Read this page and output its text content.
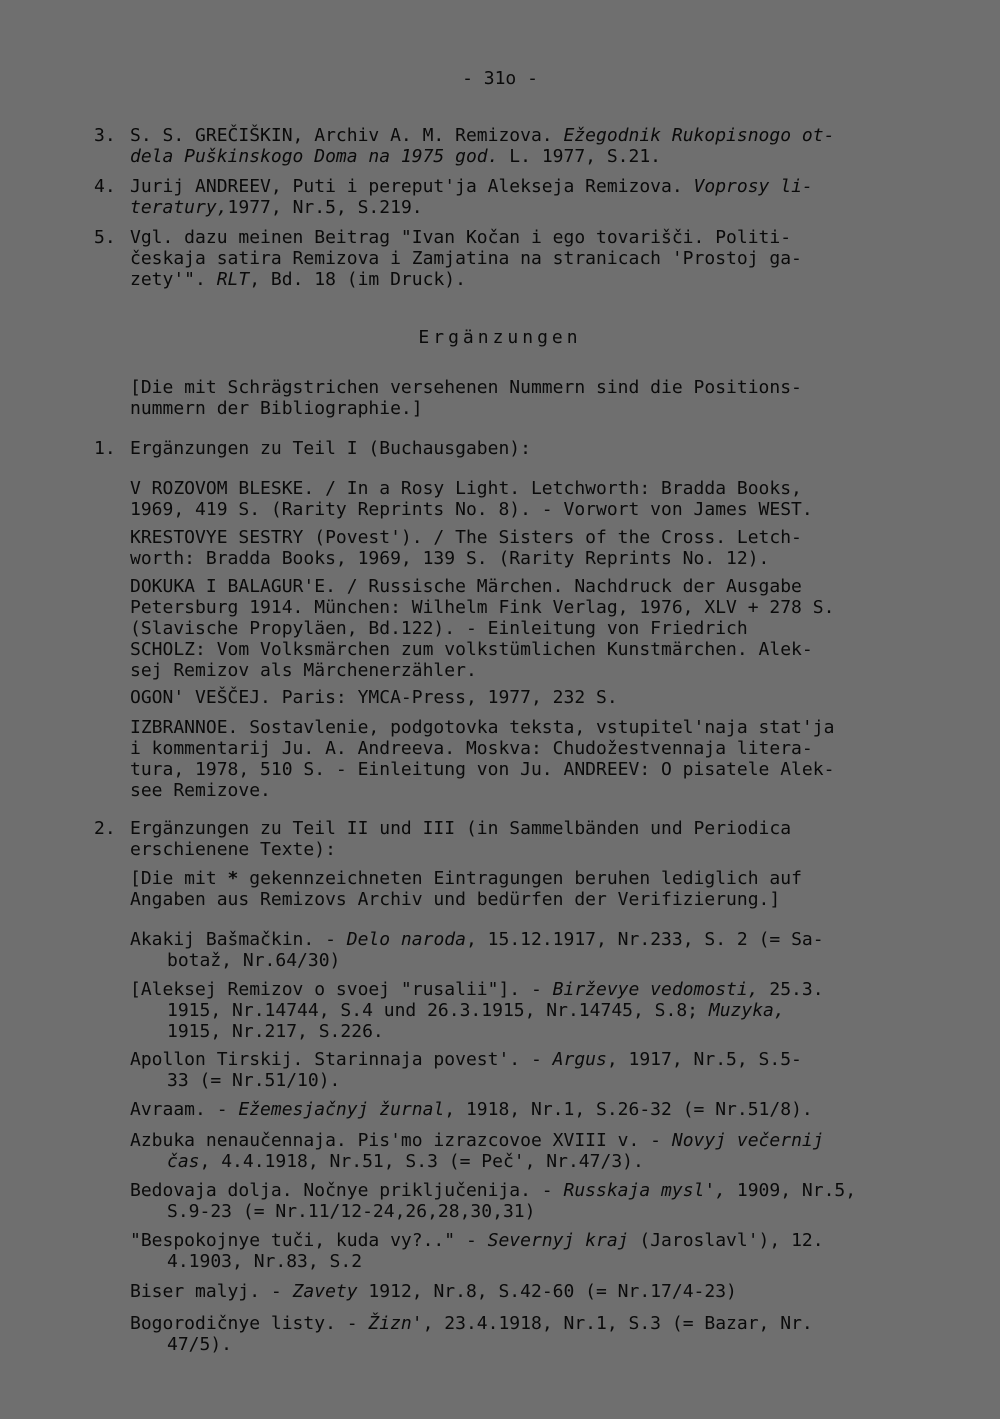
- 31o -
3. S. S. GREČIŠKIN, Archiv A. M. Remizova. Ežegodnik Rukopisnogo ot-
dela Puškinskogo Doma na 1975 god. L. 1977, S.21.
4. Jurij ANDREEV, Puti i pereput'ja Alekseja Remizova. Voprosy li-
teratury,1977, Nr.5, S.219.
5. Vgl. dazu meinen Beitrag "Ivan Kočan i ego tovarišči. Politi-
českaja satira Remizova i Zamjatina na stranicach 'Prostoj ga-
zety'". RLT, Bd. 18 (im Druck).
Ergänzungen
[Die mit Schrägstrichen versehenen Nummern sind die Positions-
nummern der Bibliographie.]
1. Ergänzungen zu Teil I (Buchausgaben):
V ROZOVOM BLESKE. / In a Rosy Light. Letchworth: Bradda Books,
1969, 419 S. (Rarity Reprints No. 8). - Vorwort von James WEST.
KRESTOVYE SESTRY (Povest'). / The Sisters of the Cross. Letch-
worth: Bradda Books, 1969, 139 S. (Rarity Reprints No. 12).
DOKUKA I BALAGUR'E. / Russische Märchen. Nachdruck der Ausgabe
Petersburg 1914. München: Wilhelm Fink Verlag, 1976, XLV + 278 S.
(Slavische Propyläen, Bd.122). - Einleitung von Friedrich
SCHOLZ: Vom Volksmärchen zum volkstümlichen Kunstmärchen. Alek-
sej Remizov als Märchenerzähler.
OGON' VEŠČEJ. Paris: YMCA-Press, 1977, 232 S.
IZBRANNOE. Sostavlenie, podgotovka teksta, vstupitel'naja stat'ja
i kommentarij Ju. A. Andreeva. Moskva: Chudožestvennaja litera-
tura, 1978, 510 S. - Einleitung von Ju. ANDREEV: O pisatele Alek-
see Remizove.
2. Ergänzungen zu Teil II und III (in Sammelbänden und Periodica
erschienene Texte):
[Die mit * gekennzeichneten Eintragungen beruhen lediglich auf
Angaben aus Remizovs Archiv und bedürfen der Verifizierung.]
Akakij Bašmačkin. - Delo naroda, 15.12.1917, Nr.233, S. 2 (= Sa-
botaž, Nr.64/30)
[Aleksej Remizov o svoej "rusalii"]. - Birževye vedomosti, 25.3.
1915, Nr.14744, S.4 und 26.3.1915, Nr.14745, S.8; Muzyka,
1915, Nr.217, S.226.
Apollon Tirskij. Starinnaja povest'. - Argus, 1917, Nr.5, S.5-
33 (= Nr.51/10).
Avraam. - Ežemesjačnyj žurnal, 1918, Nr.1, S.26-32 (= Nr.51/8).
Azbuka nenaučennaja. Pis'mo izrazcovoe XVIII v. - Novyj večernij
čas, 4.4.1918, Nr.51, S.3 (= Peč', Nr.47/3).
Bedovaja dolja. Nočnye priključenija. - Russkaja mysl', 1909, Nr.5,
S.9-23 (= Nr.11/12-24,26,28,30,31)
"Bespokojnye tuči, kuda vy?.." - Severnyj kraj (Jaroslavl'), 12.
4.1903, Nr.83, S.2
Biser malyj. - Zavety 1912, Nr.8, S.42-60 (= Nr.17/4-23)
Bogorodičnye listy. - Žizn', 23.4.1918, Nr.1, S.3 (= Bazar, Nr.
47/5).
